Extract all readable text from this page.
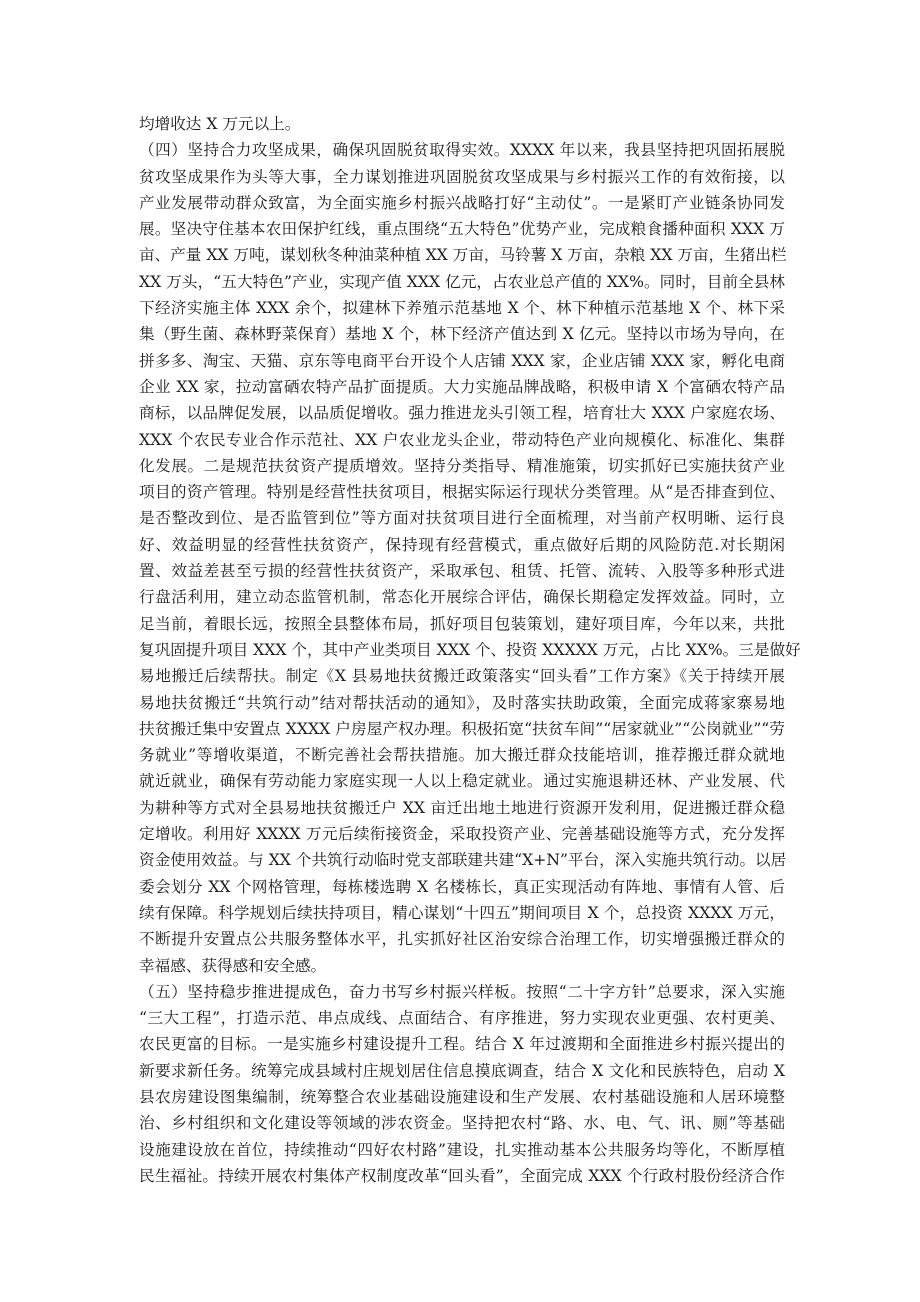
均增收达 X 万元以上。
（四）坚持合力攻坚成果，确保巩固脱贫取得实效。XXXX 年以来，我县坚持把巩固拓展脱
贫攻坚成果作为头等大事，全力谋划推进巩固脱贫攻坚成果与乡村振兴工作的有效衔接，以
产业发展带动群众致富，为全面实施乡村振兴战略打好“主动仗”。一是紧盯产业链条协同发
展。坚决守住基本农田保护红线，重点围绕“五大特色”优势产业，完成粮食播种面积 XXX 万
亩、产量 XX 万吨，谋划秋冬种油菜种植 XX 万亩，马铃薯 X 万亩，杂粮 XX 万亩，生猪出栏
XX 万头，“五大特色”产业，实现产值 XXX 亿元，占农业总产值的 XX%。同时，目前全县林
下经济实施主体 XXX 余个，拟建林下养殖示范基地 X 个、林下种植示范基地 X 个、林下采
集（野生菌、森林野菜保育）基地 X 个，林下经济产值达到 X 亿元。坚持以市场为导向，在
拼多多、淘宝、天猫、京东等电商平台开设个人店铺 XXX 家，企业店铺 XXX 家，孵化电商
企业 XX 家，拉动富硒农特产品扩面提质。大力实施品牌战略，积极申请 X 个富硒农特产品
商标，以品牌促发展，以品质促增收。强力推进龙头引领工程，培育壮大 XXX 户家庭农场、
XXX 个农民专业合作示范社、XX 户农业龙头企业，带动特色产业向规模化、标准化、集群
化发展。二是规范扶贫资产提质增效。坚持分类指导、精准施策，切实抓好已实施扶贫产业
项目的资产管理。特别是经营性扶贫项目，根据实际运行现状分类管理。从“是否排查到位、
是否整改到位、是否监管到位”等方面对扶贫项目进行全面梳理，对当前产权明晰、运行良
好、效益明显的经营性扶贫资产，保持现有经营模式，重点做好后期的风险防范.对长期闲
置、效益差甚至亏损的经营性扶贫资产，采取承包、租赁、托管、流转、入股等多种形式进
行盘活利用，建立动态监管机制，常态化开展综合评估，确保长期稳定发挥效益。同时，立
足当前，着眼长远，按照全县整体布局，抓好项目包装策划，建好项目库，今年以来，共批
复巩固提升项目 XXX 个，其中产业类项目 XXX 个、投资 XXXXX 万元，占比 XX%。三是做好
易地搬迁后续帮扶。制定《X 县易地扶贫搬迁政策落实“回头看”工作方案》《关于持续开展
易地扶贫搬迁“共筑行动”结对帮扶活动的通知》，及时落实扶助政策，全面完成蒋家寨易地
扶贫搬迁集中安置点 XXXX 户房屋产权办理。积极拓宽“扶贫车间”“居家就业”“公岗就业”“劳
务就业”等增收渠道，不断完善社会帮扶措施。加大搬迁群众技能培训，推荐搬迁群众就地
就近就业，确保有劳动能力家庭实现一人以上稳定就业。通过实施退耕还林、产业发展、代
为耕种等方式对全县易地扶贫搬迁户 XX 亩迁出地土地进行资源开发利用，促进搬迁群众稳
定增收。利用好 XXXX 万元后续衔接资金，采取投资产业、完善基础设施等方式，充分发挥
资金使用效益。与 XX 个共筑行动临时党支部联建共建“X+N”平台，深入实施共筑行动。以居
委会划分 XX 个网格管理，每栋楼选聘 X 名楼栋长，真正实现活动有阵地、事情有人管、后
续有保障。科学规划后续扶持项目，精心谋划“十四五”期间项目 X 个，总投资 XXXX 万元，
不断提升安置点公共服务整体水平，扎实抓好社区治安综合治理工作，切实增强搬迁群众的
幸福感、获得感和安全感。
（五）坚持稳步推进提成色，奋力书写乡村振兴样板。按照“二十字方针”总要求，深入实施
“三大工程”，打造示范、串点成线、点面结合、有序推进，努力实现农业更强、农村更美、
农民更富的目标。一是实施乡村建设提升工程。结合 X 年过渡期和全面推进乡村振兴提出的
新要求新任务。统筹完成县域村庄规划居住信息摸底调查，结合 X 文化和民族特色，启动 X
县农房建设图集编制，统筹整合农业基础设施建设和生产发展、农村基础设施和人居环境整
治、乡村组织和文化建设等领域的涉农资金。坚持把农村“路、水、电、气、讯、厕”等基础
设施建设放在首位，持续推动“四好农村路”建设，扎实推动基本公共服务均等化，不断厚植
民生福祉。持续开展农村集体产权制度改革“回头看”，全面完成 XXX 个行政村股份经济合作
